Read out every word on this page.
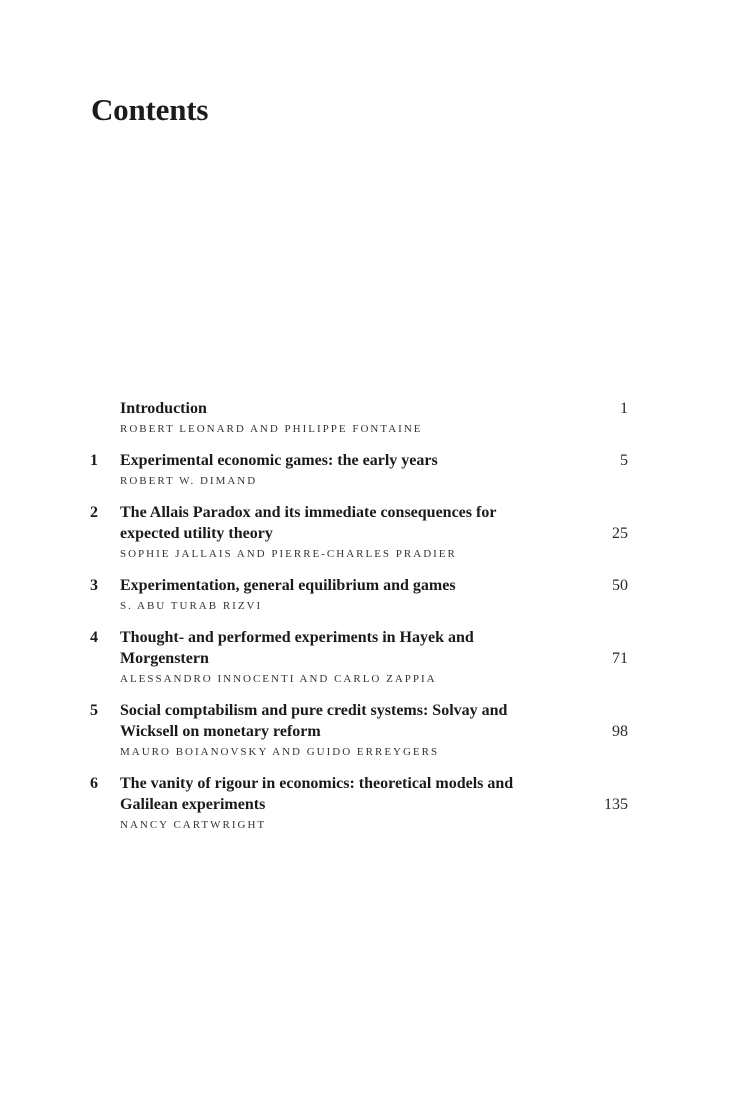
Contents
Introduction	1
ROBERT LEONARD AND PHILIPPE FONTAINE
1	Experimental economic games: the early years	5
ROBERT W. DIMAND
2	The Allais Paradox and its immediate consequences for
expected utility theory	25
SOPHIE JALLAIS AND PIERRE-CHARLES PRADIER
3	Experimentation, general equilibrium and games	50
S. ABU TURAB RIZVI
4	Thought- and performed experiments in Hayek and
Morgenstern	71
ALESSANDRO INNOCENTI AND CARLO ZAPPIA
5	Social comptabilism and pure credit systems: Solvay and
Wicksell on monetary reform	98
MAURO BOIANOVSKY AND GUIDO ERREYGERS
6	The vanity of rigour in economics: theoretical models and
Galilean experiments	135
NANCY CARTWRIGHT
